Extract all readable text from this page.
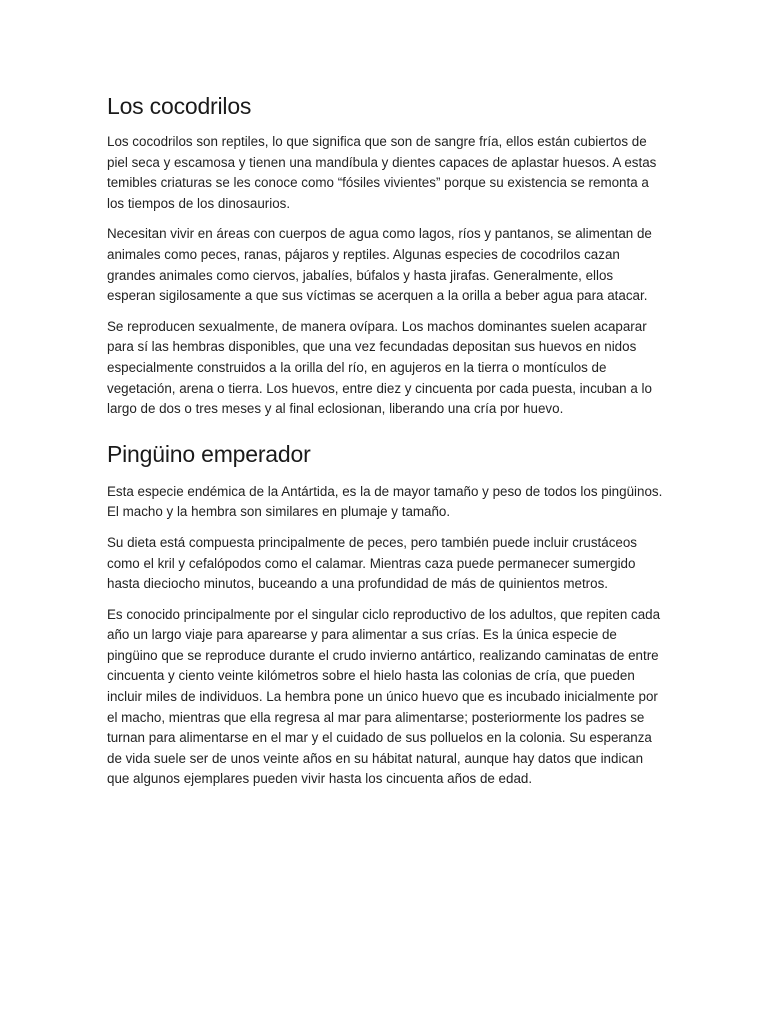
Los cocodrilos

Los cocodrilos son reptiles, lo que significa que son de sangre fría, ellos están cubiertos de piel seca y escamosa y tienen una mandíbula y dientes capaces de aplastar huesos. A estas temibles criaturas se les conoce como “fósiles vivientes” porque su existencia se remonta a los tiempos de los dinosaurios.

Necesitan vivir en áreas con cuerpos de agua como lagos, ríos y pantanos, se alimentan de animales como peces, ranas, pájaros y reptiles. Algunas especies de cocodrilos cazan grandes animales como ciervos, jabalíes, búfalos y hasta jirafas. Generalmente, ellos esperan sigilosamente a que sus víctimas se acerquen a la orilla a beber agua para atacar.

Se reproducen sexualmente, de manera ovípara. Los machos dominantes suelen acaparar para sí las hembras disponibles, que una vez fecundadas depositan sus huevos en nidos especialmente construidos a la orilla del río, en agujeros en la tierra o montículos de vegetación, arena o tierra. Los huevos, entre diez y cincuenta por cada puesta, incuban a lo largo de dos o tres meses y al final eclosionan, liberando una cría por huevo.

Pingüino emperador

Esta especie endémica de la Antártida, es la de mayor tamaño y peso de todos los pingüinos. El macho y la hembra son similares en plumaje y tamaño.

Su dieta está compuesta principalmente de peces, pero también puede incluir crustáceos como el kril y cefalópodos como el calamar. Mientras caza puede permanecer sumergido hasta dieciocho minutos, buceando a una profundidad de más de quinientos metros.

Es conocido principalmente por el singular ciclo reproductivo de los adultos, que repiten cada año un largo viaje para aparearse y para alimentar a sus crías. Es la única especie de pingüino que se reproduce durante el crudo invierno antártico, realizando caminatas de entre cincuenta y ciento veinte kilómetros sobre el hielo hasta las colonias de cría, que pueden incluir miles de individuos. La hembra pone un único huevo que es incubado inicialmente por el macho, mientras que ella regresa al mar para alimentarse; posteriormente los padres se turnan para alimentarse en el mar y el cuidado de sus polluelos en la colonia. Su esperanza de vida suele ser de unos veinte años en su hábitat natural, aunque hay datos que indican que algunos ejemplares pueden vivir hasta los cincuenta años de edad.
